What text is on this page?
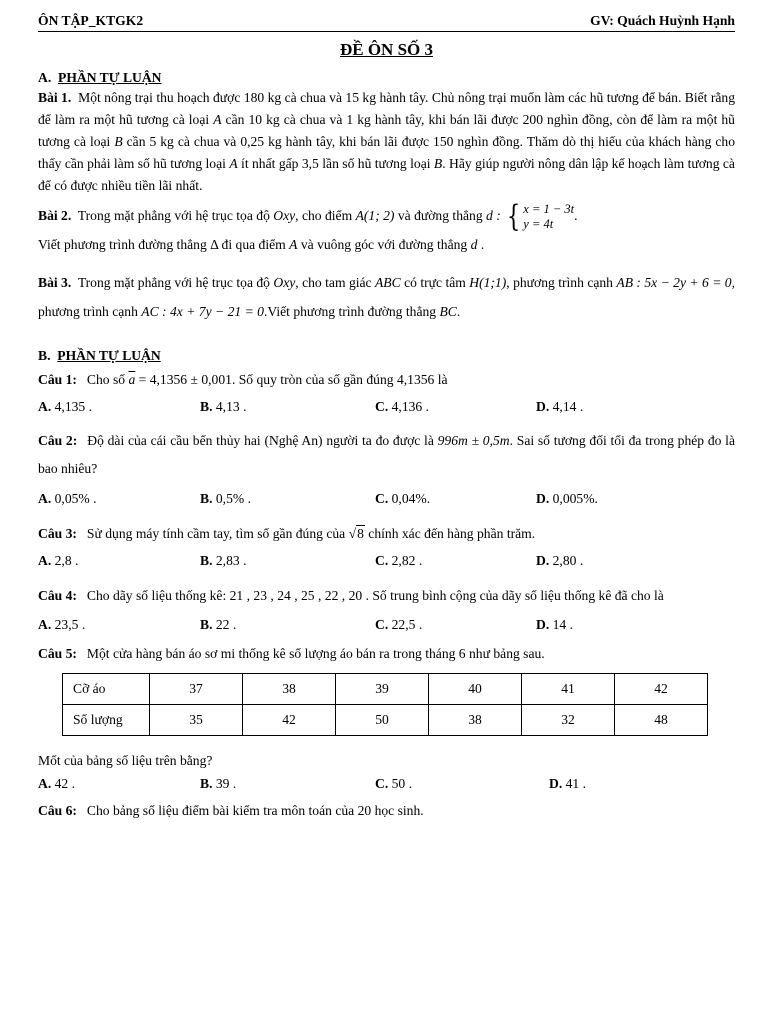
ÔN TẬP_KTGK2	GV: Quách Huỳnh Hạnh
ĐỀ ÔN SỐ 3
A. PHẦN TỰ LUẬN

Bài 1. Một nông trại thu hoạch được 180 kg cà chua và 15 kg hành tây. Chủ nông trại muốn làm các hũ tương để bán. Biết rằng để làm ra một hũ tương cà loại A cần 10 kg cà chua và 1 kg hành tây, khi bán lãi được 200 nghìn đồng, còn để làm ra một hũ tương cà loại B cần 5 kg cà chua và 0,25 kg hành tây, khi bán lãi được 150 nghìn đồng. Thăm dò thị hiếu của khách hàng cho thấy cần phải làm số hũ tương loại A ít nhất gấp 3,5 lần số hũ tương loại B. Hãy giúp người nông dân lập kế hoạch làm tương cà để có được nhiều tiền lãi nhất.

Bài 2. Trong mặt phẳng với hệ trục tọa độ Oxy, cho điểm A(1; 2) và đường thẳng d : { x = 1 − 3t
y = 4t
.

Viết phương trình đường thẳng Δ đi qua điểm A và vuông góc với đường thẳng d .

Bài 3. Trong mặt phẳng với hệ trục tọa độ Oxy, cho tam giác ABC có trực tâm H(1;1), phương trình cạnh AB : 5x − 2y + 6 = 0, phương trình cạnh AC : 4x + 7y − 21 = 0.Viết phương trình đường thẳng BC.

B. PHẦN TỰ LUẬN

Câu 1: Cho số $\overline{a} = 4,1356 \pm 0,001$. Số quy tròn của số gần đúng 4,1356 là

A. 4,135 .	B. 4,13 .	C. 4,136 .	D. 4,14 .

Câu 2: Độ dài của cái cầu bến thủy hai (Nghệ An) người ta đo được là 996m ± 0,5m. Sai số tương đối tối đa trong phép đo là bao nhiêu?

A. 0,05% .	B. 0,5% .	C. 0,04%.	D. 0,005%.

Câu 3: Sử dụng máy tính cầm tay, tìm số gần đúng của √8 chính xác đến hàng phần trăm.

A. 2,8 .	B. 2,83 .	C. 2,82 .	D. 2,80 .

Câu 4: Cho dãy số liệu thống kê: 21 , 23 , 24 , 25 , 22 , 20 . Số trung bình cộng của dãy số liệu thống kê đã cho là

A. 23,5 .	B. 22 .	C. 22,5 .	D. 14 .

Câu 5: Một cửa hàng bán áo sơ mi thống kê số lượng áo bán ra trong tháng 6 như bảng sau.

Cỡ áo	37	38	39	40	41	42
Số lượng	35	42	50	38	32	48

Mốt của bảng số liệu trên bằng?

A. 42 .	B. 39 .	C. 50 .	D. 41 .

Câu 6: Cho bảng số liệu điểm bài kiểm tra môn toán của 20 học sinh.
